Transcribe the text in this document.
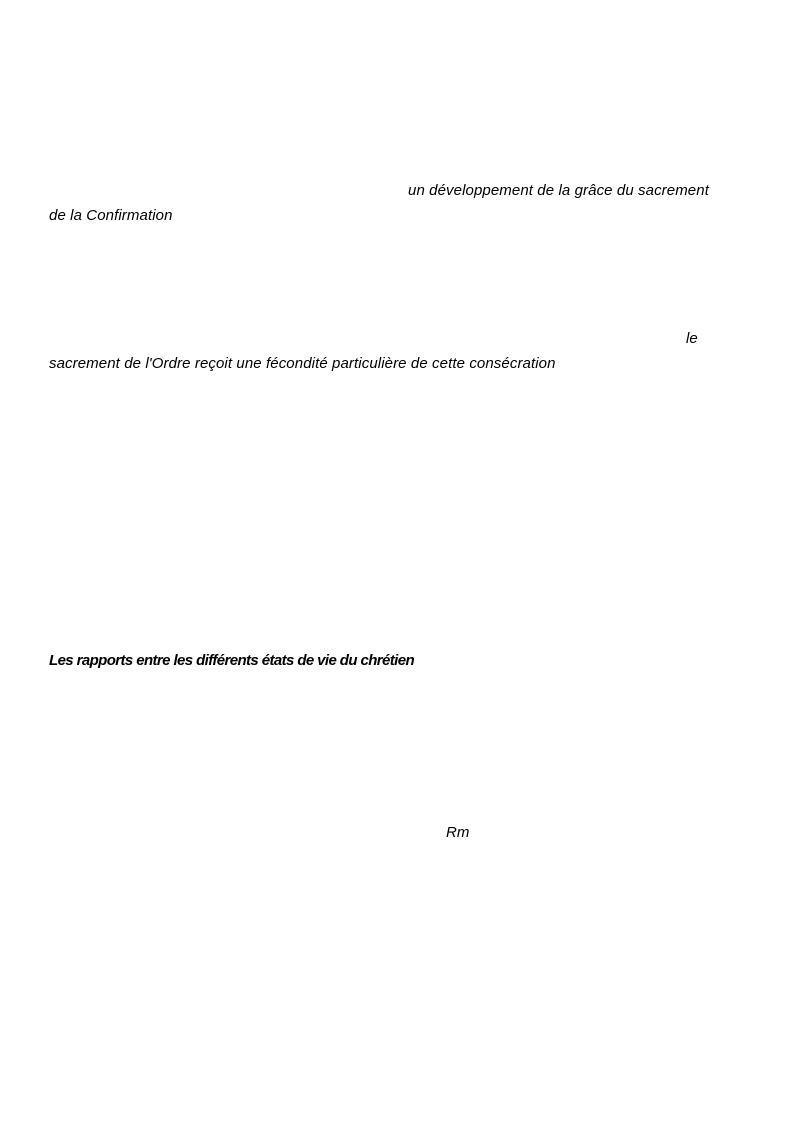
un développement de la grâce du sacrement
de la Confirmation
le
sacrement de l'Ordre reçoit une fécondité particulière de cette consécration
Les rapports entre les différents états de vie du chrétien
Rm
